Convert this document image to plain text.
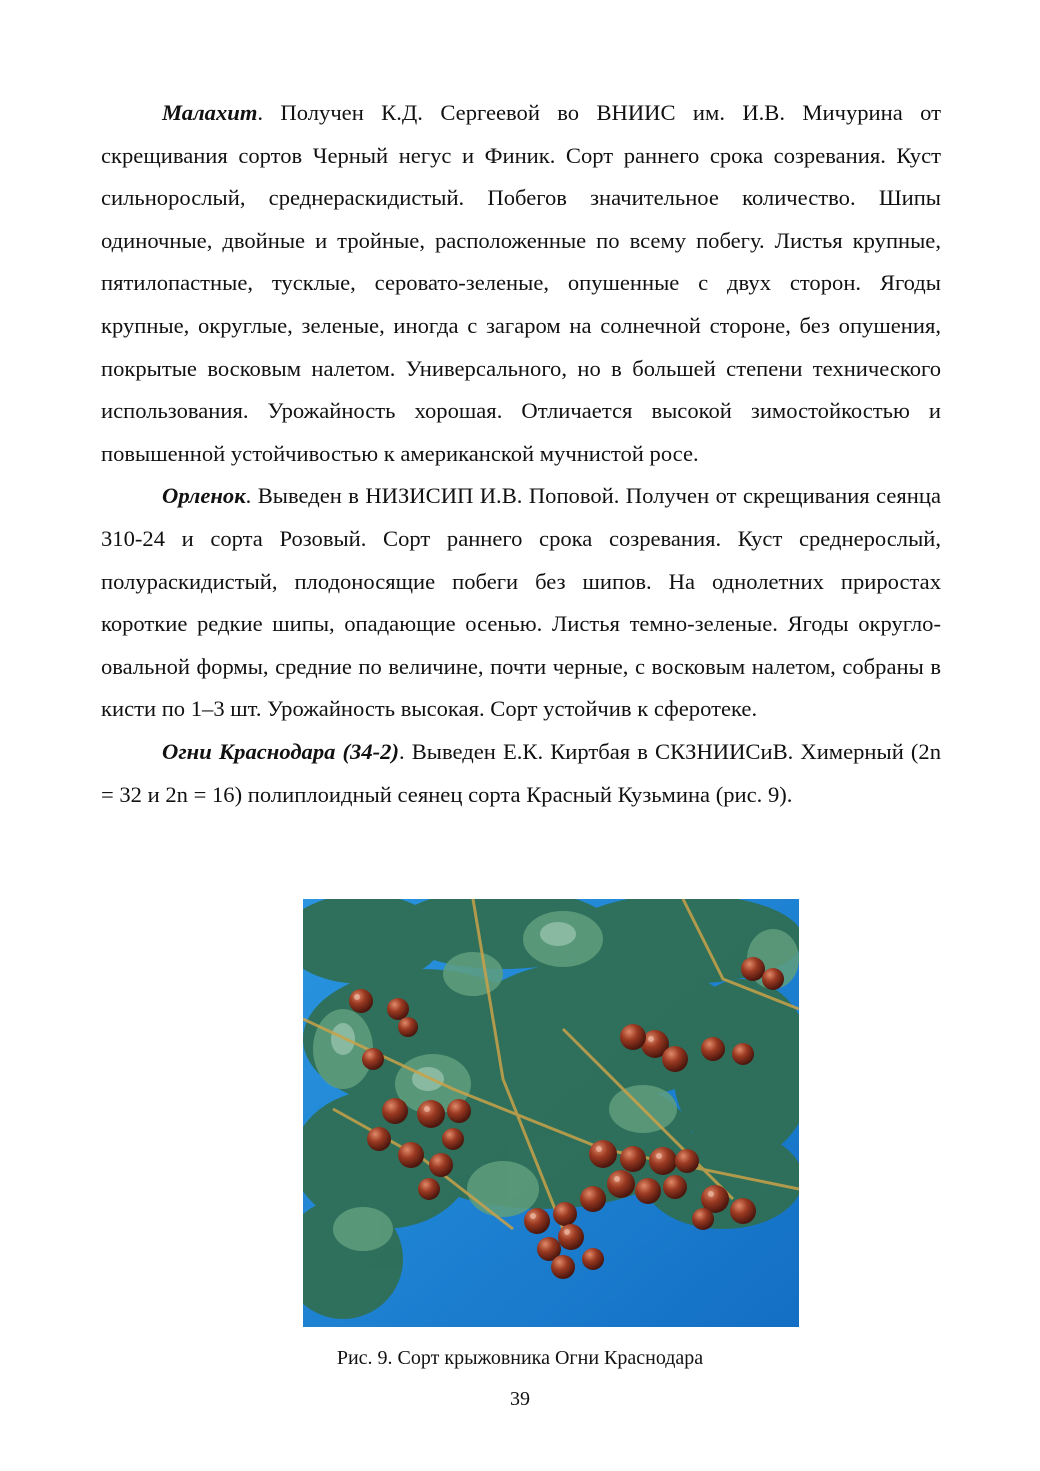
Малахит. Получен К.Д. Сергеевой во ВНИИС им. И.В. Мичурина от скрещивания сортов Черный негус и Финик. Сорт раннего срока созревания. Куст сильнорослый, среднераскидистый. Побегов значительное количество. Шипы одиночные, двойные и тройные, расположенные по всему побегу. Листья крупные, пятилопастные, тусклые, серовато-зеленые, опушенные с двух сторон. Ягоды крупные, округлые, зеленые, иногда с загаром на солнечной стороне, без опушения, покрытые восковым налетом. Универсального, но в большей степени технического использования. Урожайность хорошая. Отличается высокой зимостойкостью и повышенной устойчивостью к американской мучнистой росе.

Орленок. Выведен в НИЗИСИП И.В. Поповой. Получен от скрещивания сеянца 310-24 и сорта Розовый. Сорт раннего срока созревания. Куст среднерослый, полураскидистый, плодоносящие побеги без шипов. На однолетних приростах короткие редкие шипы, опадающие осенью. Листья темно-зеленые. Ягоды округло-овальной формы, средние по величине, почти черные, с восковым налетом, собраны в кисти по 1–3 шт. Урожайность высокая. Сорт устойчив к сферотеке.

Огни Краснодара (34-2). Выведен Е.К. Киртбая в СКЗНИИСиВ. Химерный (2n = 32 и 2n = 16) полиплоидный сеянец сорта Красный Кузьмина (рис. 9).

Рис. 9. Сорт крыжовника Огни Краснодара
39
